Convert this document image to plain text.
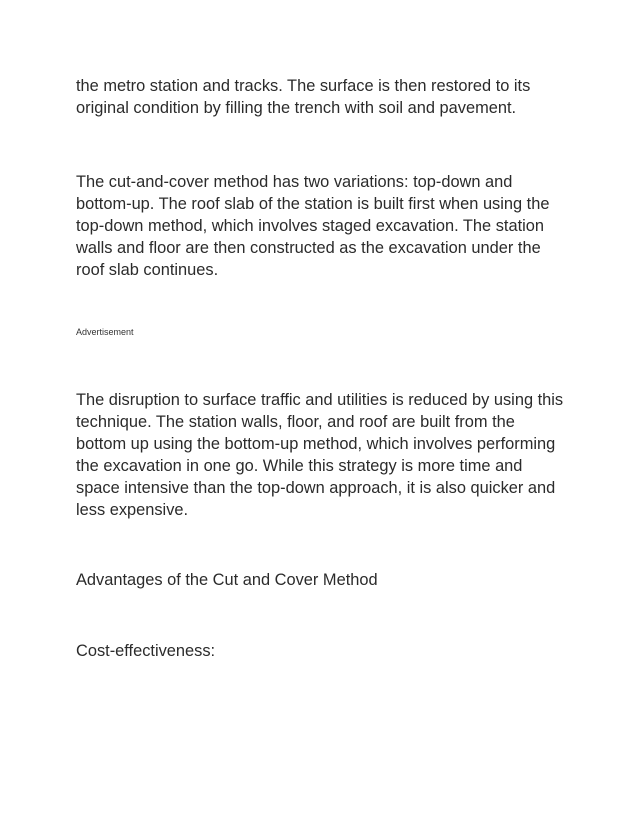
the metro station and tracks. The surface is then restored to its original condition by filling the trench with soil and pavement.

The cut-and-cover method has two variations: top-down and bottom-up. The roof slab of the station is built first when using the top-down method, which involves staged excavation. The station walls and floor are then constructed as the excavation under the roof slab continues.

Advertisement

The disruption to surface traffic and utilities is reduced by using this technique. The station walls, floor, and roof are built from the bottom up using the bottom-up method, which involves performing the excavation in one go. While this strategy is more time and space intensive than the top-down approach, it is also quicker and less expensive.

Advantages of the Cut and Cover Method

Cost-effectiveness:
